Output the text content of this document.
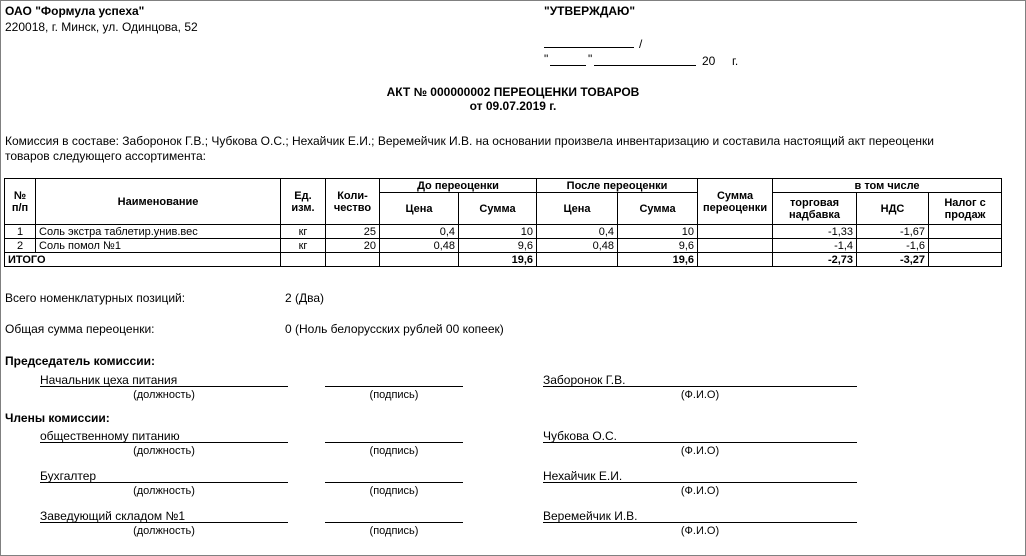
ОАО "Формула успеха"
220018, г. Минск, ул. Одинцова, 52
"УТВЕРЖДАЮ"
/
"	"	20 г.
АКТ № 000000002 ПЕРЕОЦЕНКИ ТОВАРОВ
от 09.07.2019 г.
Комиссия в составе: Заборонок Г.В.; Чубкова О.С.; Нехайчик Е.И.; Веремейчик И.В. на основании произвела инвентаризацию и составила настоящий акт переоценки
товаров следующего ассортимента:
№ п/п	Наименование	Ед. изм.	Коли- чество	До переоценки		После переоценки		Сумма переоценки	в том числе		
				Цена	Сумма	Цена	Сумма		торговая надбавка	НДС	Налог с продаж
1	Соль экстра таблетир.унив.вес	кг	25	0,4	10	0,4	10		-1,33	-1,67	
2	Соль помол №1	кг	20	0,48	9,6	0,48	9,6		-1,4	-1,6	
ИТОГО					19,6		19,6		-2,73	-3,27	
Всего номенклатурных позиций:	2 (Два)
Общая сумма переоценки:	0 (Ноль белорусских рублей 00 копеек)
Председатель комиссии:
Начальник цеха питания	Заборонок Г.В.
(должность)	(подпись)	(Ф.И.О)
Члены комиссии:
общественному питанию	Чубкова О.С.
(должность)	(подпись)	(Ф.И.О)
Бухгалтер	Нехайчик Е.И.
(должность)	(подпись)	(Ф.И.О)
Заведующий складом №1	Веремейчик И.В.
(должность)	(подпись)	(Ф.И.О)
